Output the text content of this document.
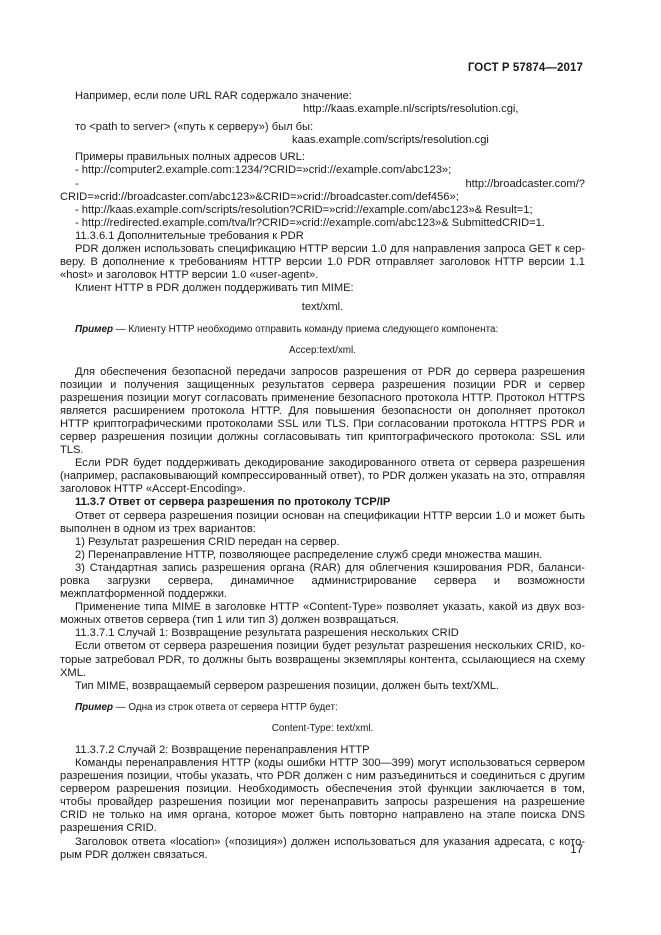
ГОСТ Р 57874—2017

Например, если поле URL RAR содержало значение:

http://kaas.example.nl/scripts/resolution.cgi,

то <path to server> («путь к серверу») был бы:

kaas.example.com/scripts/resolution.cgi

Примеры правильных полных адресов URL:

- http://computer2.example.com:1234/?CRID=»crid://example.com/abc123»;

- http://broadcaster.com/?CRID=»crid://broadcaster.com/abc123»&CRID=»crid://broadcaster.com/def456»;

- http://kaas.example.com/scripts/resolution?CRID=»crid://example.com/abc123»& Result=1;

- http://redirected.example.com/tva/lr?CRID=»crid://example.com/abc123»& SubmittedCRID=1.

11.3.6.1 Дополнительные требования к PDR

PDR должен использовать спецификацию HTTP версии 1.0 для направления запроса GET к серверу. В дополнение к требованиям HTTP версии 1.0 PDR отправляет заголовок HTTP версии 1.1 «host» и заголовок HTTP версии 1.0 «user-agent».

Клиент HTTP в PDR должен поддерживать тип MIME:

text/xml.

Пример — Клиенту HTTP необходимо отправить команду приема следующего компонента:

Accep:text/xml.

Для обеспечения безопасной передачи запросов разрешения от PDR до сервера разрешения позиции и получения защищенных результатов сервера разрешения позиции PDR и сервер разрешения позиции могут согласовать применение безопасного протокола HTTP. Протокол HTTPS является расширением протокола HTTP. Для повышения безопасности он дополняет протокол HTTP криптографическими протоколами SSL или TLS. При согласовании протокола HTTPS PDR и сервер разрешения позиции должны согласовывать тип криптографического протокола: SSL или TLS.

Если PDR будет поддерживать декодирование закодированного ответа от сервера разрешения (например, распаковывающий компрессированный ответ), то PDR должен указать на это, отправляя заголовок HTTP «Accept-Encoding».

11.3.7 Ответ от сервера разрешения по протоколу TCP/IP

Ответ от сервера разрешения позиции основан на спецификации HTTP версии 1.0 и может быть выполнен в одном из трех вариантов:

1) Результат разрешения CRID передан на сервер.

2) Перенаправление HTTP, позволяющее распределение служб среди множества машин.

3) Стандартная запись разрешения органа (RAR) для облегчения кэширования PDR, балансировка загрузки сервера, динамичное администрирование сервера и возможности межплатформенной поддержки.

Применение типа MIME в заголовке HTTP «Content-Type» позволяет указать, какой из двух возможных ответов сервера (тип 1 или тип 3) должен возвращаться.

11.3.7.1 Случай 1: Возвращение результата разрешения нескольких CRID

Если ответом от сервера разрешения позиции будет результат разрешения нескольких CRID, которые затребовал PDR, то должны быть возвращены экземпляры контента, ссылающиеся на схему XML.

Тип MIME, возвращаемый сервером разрешения позиции, должен быть text/XML.

Пример — Одна из строк ответа от сервера HTTP будет:

Content-Type: text/xml.

11.3.7.2 Случай 2: Возвращение перенаправления HTTP

Команды перенаправления HTTP (коды ошибки HTTP 300—399) могут использоваться сервером разрешения позиции, чтобы указать, что PDR должен с ним разъединиться и соединиться с другим сервером разрешения позиции. Необходимость обеспечения этой функции заключается в том, чтобы провайдер разрешения позиции мог перенаправить запросы разрешения на разрешение CRID не только на имя органа, которое может быть повторно направлено на этапе поиска DNS разрешения CRID.

Заголовок ответа «location» («позиция») должен использоваться для указания адресата, с которым PDR должен связаться.	17
